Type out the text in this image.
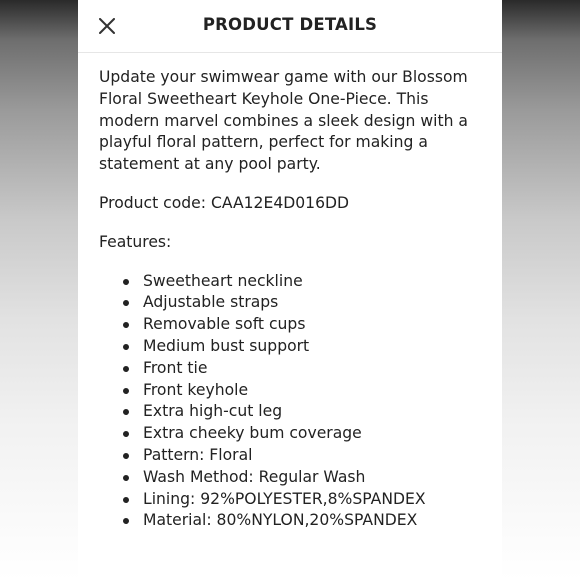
PRODUCT DETAILS

Update your swimwear game with our Blossom Floral Sweetheart Keyhole One-Piece. This modern marvel combines a sleek design with a playful floral pattern, perfect for making a statement at any pool party.

Product code: CAA12E4D016DD

Features:

Sweetheart neckline
Adjustable straps
Removable soft cups
Medium bust support
Front tie
Front keyhole
Extra high-cut leg
Extra cheeky bum coverage
Pattern: Floral
Wash Method: Regular Wash
Lining: 92%POLYESTER,8%SPANDEX
Material: 80%NYLON,20%SPANDEX
